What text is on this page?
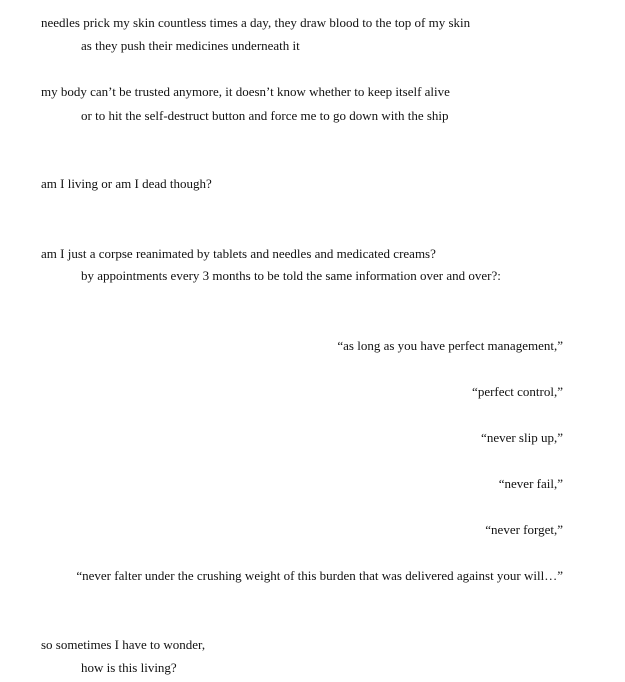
needles prick my skin countless times a day, they draw blood to the top of my skin
as they push their medicines underneath it
my body can’t be trusted anymore, it doesn’t know whether to keep itself alive
or to hit the self-destruct button and force me to go down with the ship
am I living or am I dead though?
am I just a corpse reanimated by tablets and needles and medicated creams?
by appointments every 3 months to be told the same information over and over?:
“as long as you have perfect management,”
“perfect control,”
“never slip up,”
“never fail,”
“never forget,”
“never falter under the crushing weight of this burden that was delivered against your will…”
so sometimes I have to wonder,
how is this living?
